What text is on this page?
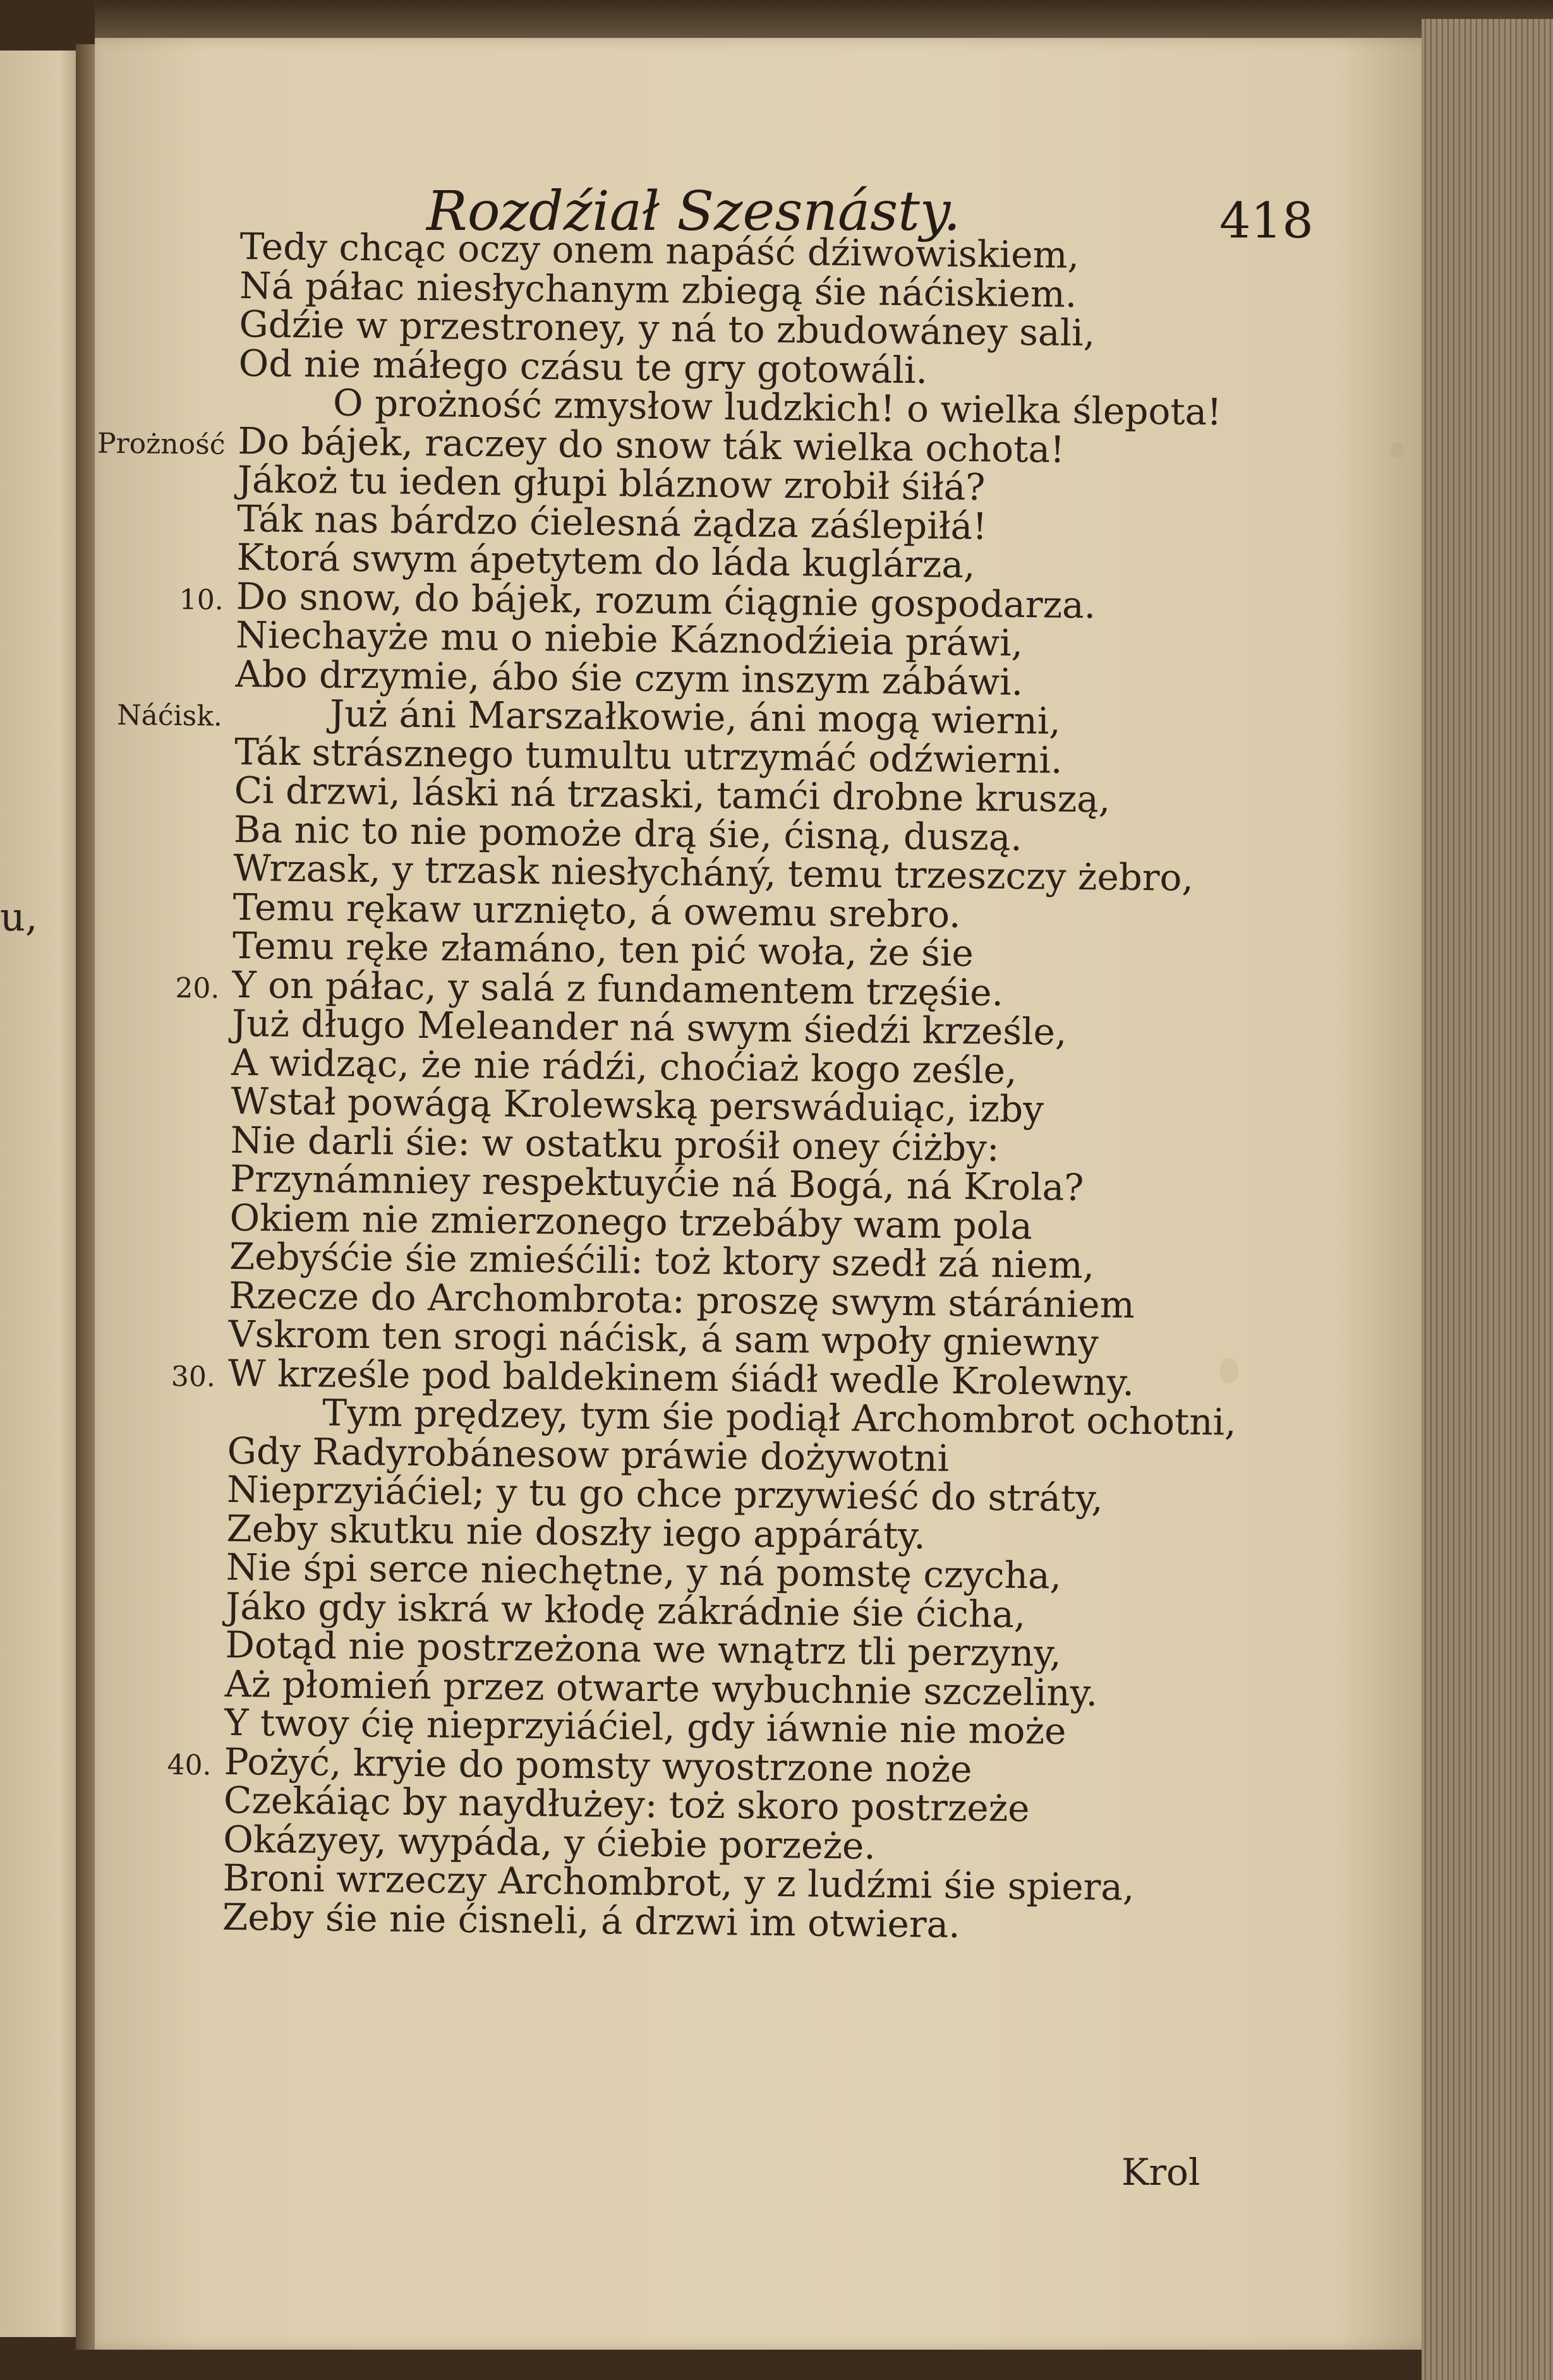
u,
Rozdźiał Szesnásty.	418
Tedy chcąc oczy onem napáść dźiwowiskiem,
Ná páłac niesłychanym zbiegą śie náćiskiem.
Gdźie w przestroney, y ná to zbudowáney sali,
Od nie máłego czásu te gry gotowáli.
O prożność zmysłow ludzkich! o wielka ślepota!
Prożność Do bájek, raczey do snow ták wielka ochota!
Jákoż tu ieden głupi bláznow zrobił śiłá?
Ták nas bárdzo ćielesná żądza záślepiłá!
Ktorá swym ápetytem do láda kuglárza,
10. Do snow, do bájek, rozum ćiągnie gospodarza.
Niechayże mu o niebie Káznodźieia práwi,
Abo drzymie, ábo śie czym inszym zábáwi.
Náćisk.	Już áni Marszałkowie, áni mogą wierni,
Ták strásznego tumultu utrzymáć odźwierni.
Ci drzwi, láski ná trzaski, tamći drobne kruszą,
Ba nic to nie pomoże drą śie, ćisną, duszą.
Wrzask, y trzask niesłycháný, temu trzeszczy żebro,
Temu rękaw urznięto, á owemu srebro.
Temu ręke złamáno, ten pić woła, że śie
20. Y on páłac, y salá z fundamentem trzęśie.
Już długo Meleander ná swym śiedźi krześle,
A widząc, że nie rádźi, choćiaż kogo ześle,
Wstał powágą Krolewską perswáduiąc, izby
Nie darli śie: w ostatku prośił oney ćiżby:
Przynámniey respektuyćie ná Bogá, ná Krola?
Okiem nie zmierzonego trzebáby wam pola
Zebyśćie śie zmieśćili: toż ktory szedł zá niem,
Rzecze do Archombrota: proszę swym stárániem
Vskrom ten srogi náćisk, á sam wpoły gniewny
30. W krześle pod baldekinem śiádł wedle Krolewny.
Tym prędzey, tym śie podiął Archombrot ochotni,
Gdy Radyrobánesow práwie dożywotni
Nieprzyiáćiel; y tu go chce przywieść do stráty,
Zeby skutku nie doszły iego appáráty.
Nie śpi serce niechętne, y ná pomstę czycha,
Jáko gdy iskrá w kłodę zákrádnie śie ćicha,
Dotąd nie postrzeżona we wnątrz tli perzyny,
Aż płomień przez otwarte wybuchnie szczeliny.
Y twoy ćię nieprzyiáćiel, gdy iáwnie nie może
40. Pożyć, kryie do pomsty wyostrzone noże
Czekáiąc by naydłużey: toż skoro postrzeże
Okázyey, wypáda, y ćiebie porzeże.
Broni wrzeczy Archombrot, y z ludźmi śie spiera,
Zeby śie nie ćisneli, á drzwi im otwiera.
Krol
